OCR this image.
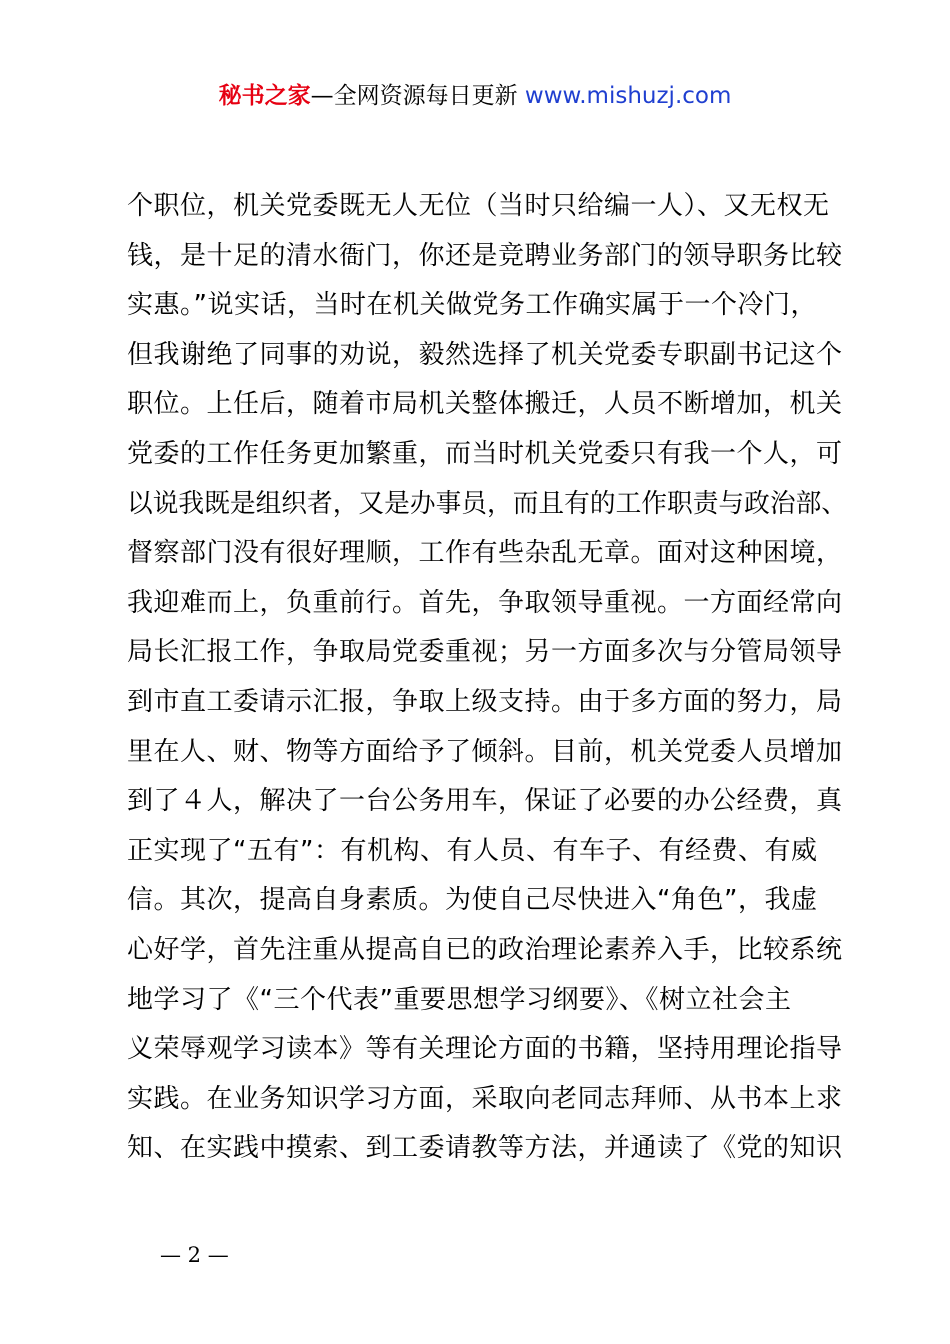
秘书之家—全网资源每日更新 www.mishuzj.com
个职位，机关党委既无人无位（当时只给编一人）、又无权无
钱，是十足的清水衙门，你还是竞聘业务部门的领导职务比较
实惠。”说实话，当时在机关做党务工作确实属于一个冷门，
但我谢绝了同事的劝说，毅然选择了机关党委专职副书记这个
职位。上任后，随着市局机关整体搬迁，人员不断增加，机关
党委的工作任务更加繁重，而当时机关党委只有我一个人，可
以说我既是组织者，又是办事员，而且有的工作职责与政治部、
督察部门没有很好理顺，工作有些杂乱无章。面对这种困境，
我迎难而上，负重前行。首先，争取领导重视。一方面经常向
局长汇报工作，争取局党委重视；另一方面多次与分管局领导
到市直工委请示汇报，争取上级支持。由于多方面的努力，局
里在人、财、物等方面给予了倾斜。目前，机关党委人员增加
到了４人，解决了一台公务用车，保证了必要的办公经费，真
正实现了“五有”：有机构、有人员、有车子、有经费、有威
信。其次，提高自身素质。为使自己尽快进入“角色”，我虚
心好学，首先注重从提高自已的政治理论素养入手，比较系统
地学习了《“三个代表”重要思想学习纲要》、《树立社会主
义荣辱观学习读本》等有关理论方面的书籍，坚持用理论指导
实践。在业务知识学习方面，采取向老同志拜师、从书本上求
知、在实践中摸索、到工委请教等方法，并通读了《党的知识
— 2 —
